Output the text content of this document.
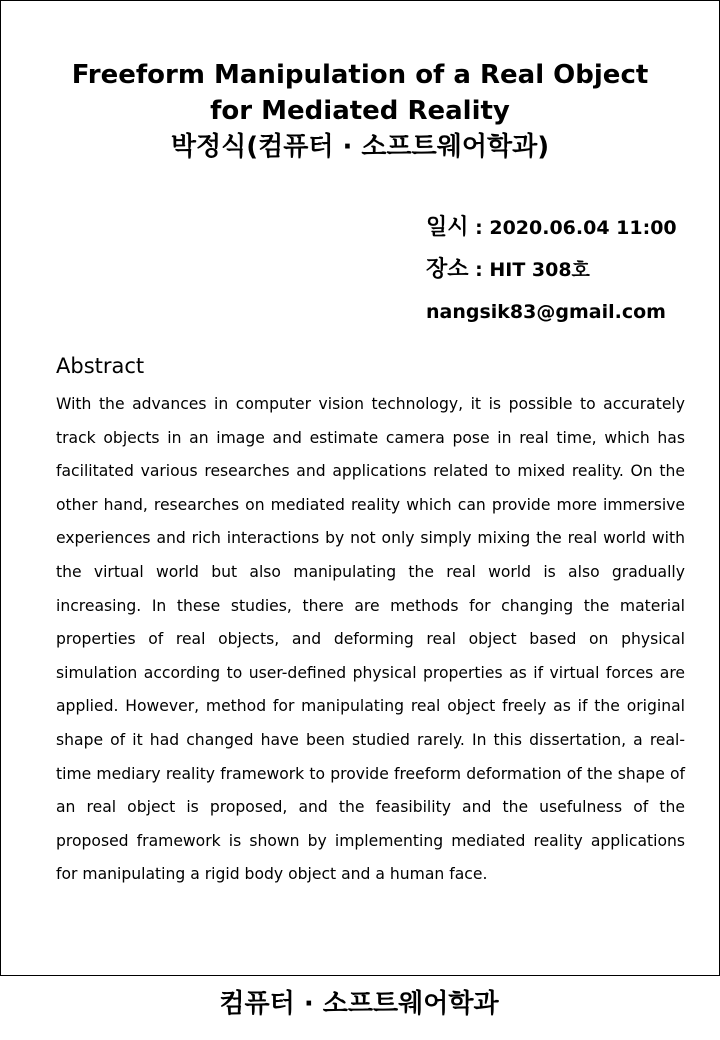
Freeform Manipulation of a Real Object
for Mediated Reality
박정식(컴퓨터 · 소프트웨어학과)
일시 : 2020.06.04 11:00
장소 : HIT 308호
nangsik83@gmail.com
Abstract

With the advances in computer vision technology, it is possible to accurately track objects in an image and estimate camera pose in real time, which has facilitated various researches and applications related to mixed reality. On the other hand, researches on mediated reality which can provide more immersive experiences and rich interactions by not only simply mixing the real world with the virtual world but also manipulating the real world is also gradually increasing. In these studies, there are methods for changing the material properties of real objects, and deforming real object based on physical simulation according to user-defined physical properties as if virtual forces are applied. However, method for manipulating real object freely as if the original shape of it had changed have been studied rarely. In this dissertation, a real-time mediary reality framework to provide freeform deformation of the shape of an real object is proposed, and the feasibility and the usefulness of the proposed framework is shown by implementing mediated reality applications for manipulating a rigid body object and a human face.

컴퓨터 · 소프트웨어학과
